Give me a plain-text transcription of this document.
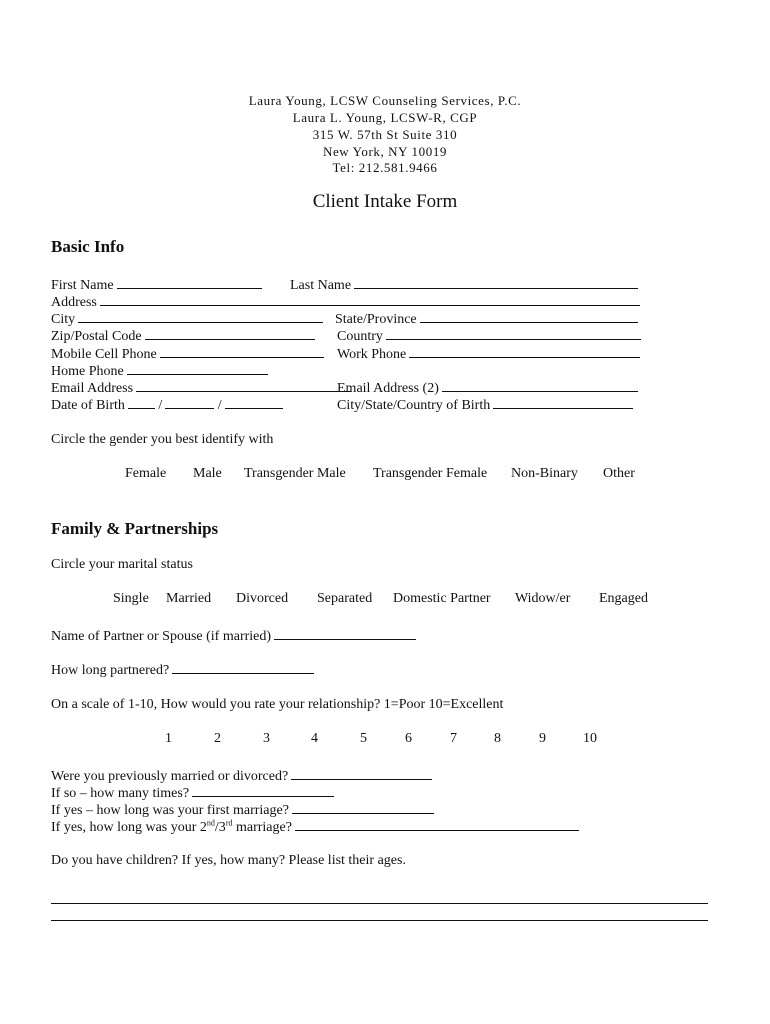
Laura Young, LCSW Counseling Services, P.C.
Laura L. Young, LCSW-R, CGP
315 W. 57th St Suite 310
New York, NY 10019
Tel: 212.581.9466
Client Intake Form
Basic Info
First Name	Last Name
Address
City	State/Province
Zip/Postal Code	Country
Mobile Cell Phone	Work Phone
Home Phone
Email Address	Email Address (2)
Date of Birth /	/	City/State/Country of Birth
Circle the gender you best identify with
Female Male Transgender Male Transgender Female Non-Binary Other
Family & Partnerships
Circle your marital status
Single Married Divorced Separated Domestic Partner Widow/er Engaged
Name of Partner or Spouse (if married)
How long partnered?
On a scale of 1-10, How would you rate your relationship? 1=Poor 10=Excellent
1	2	3	4	5	6	7	8	9	10
Were you previously married or divorced?
If so – how many times?
If yes – how long was your first marriage?
If yes, how long was your 2nd/3rd marriage?
Do you have children? If yes, how many? Please list their ages.
